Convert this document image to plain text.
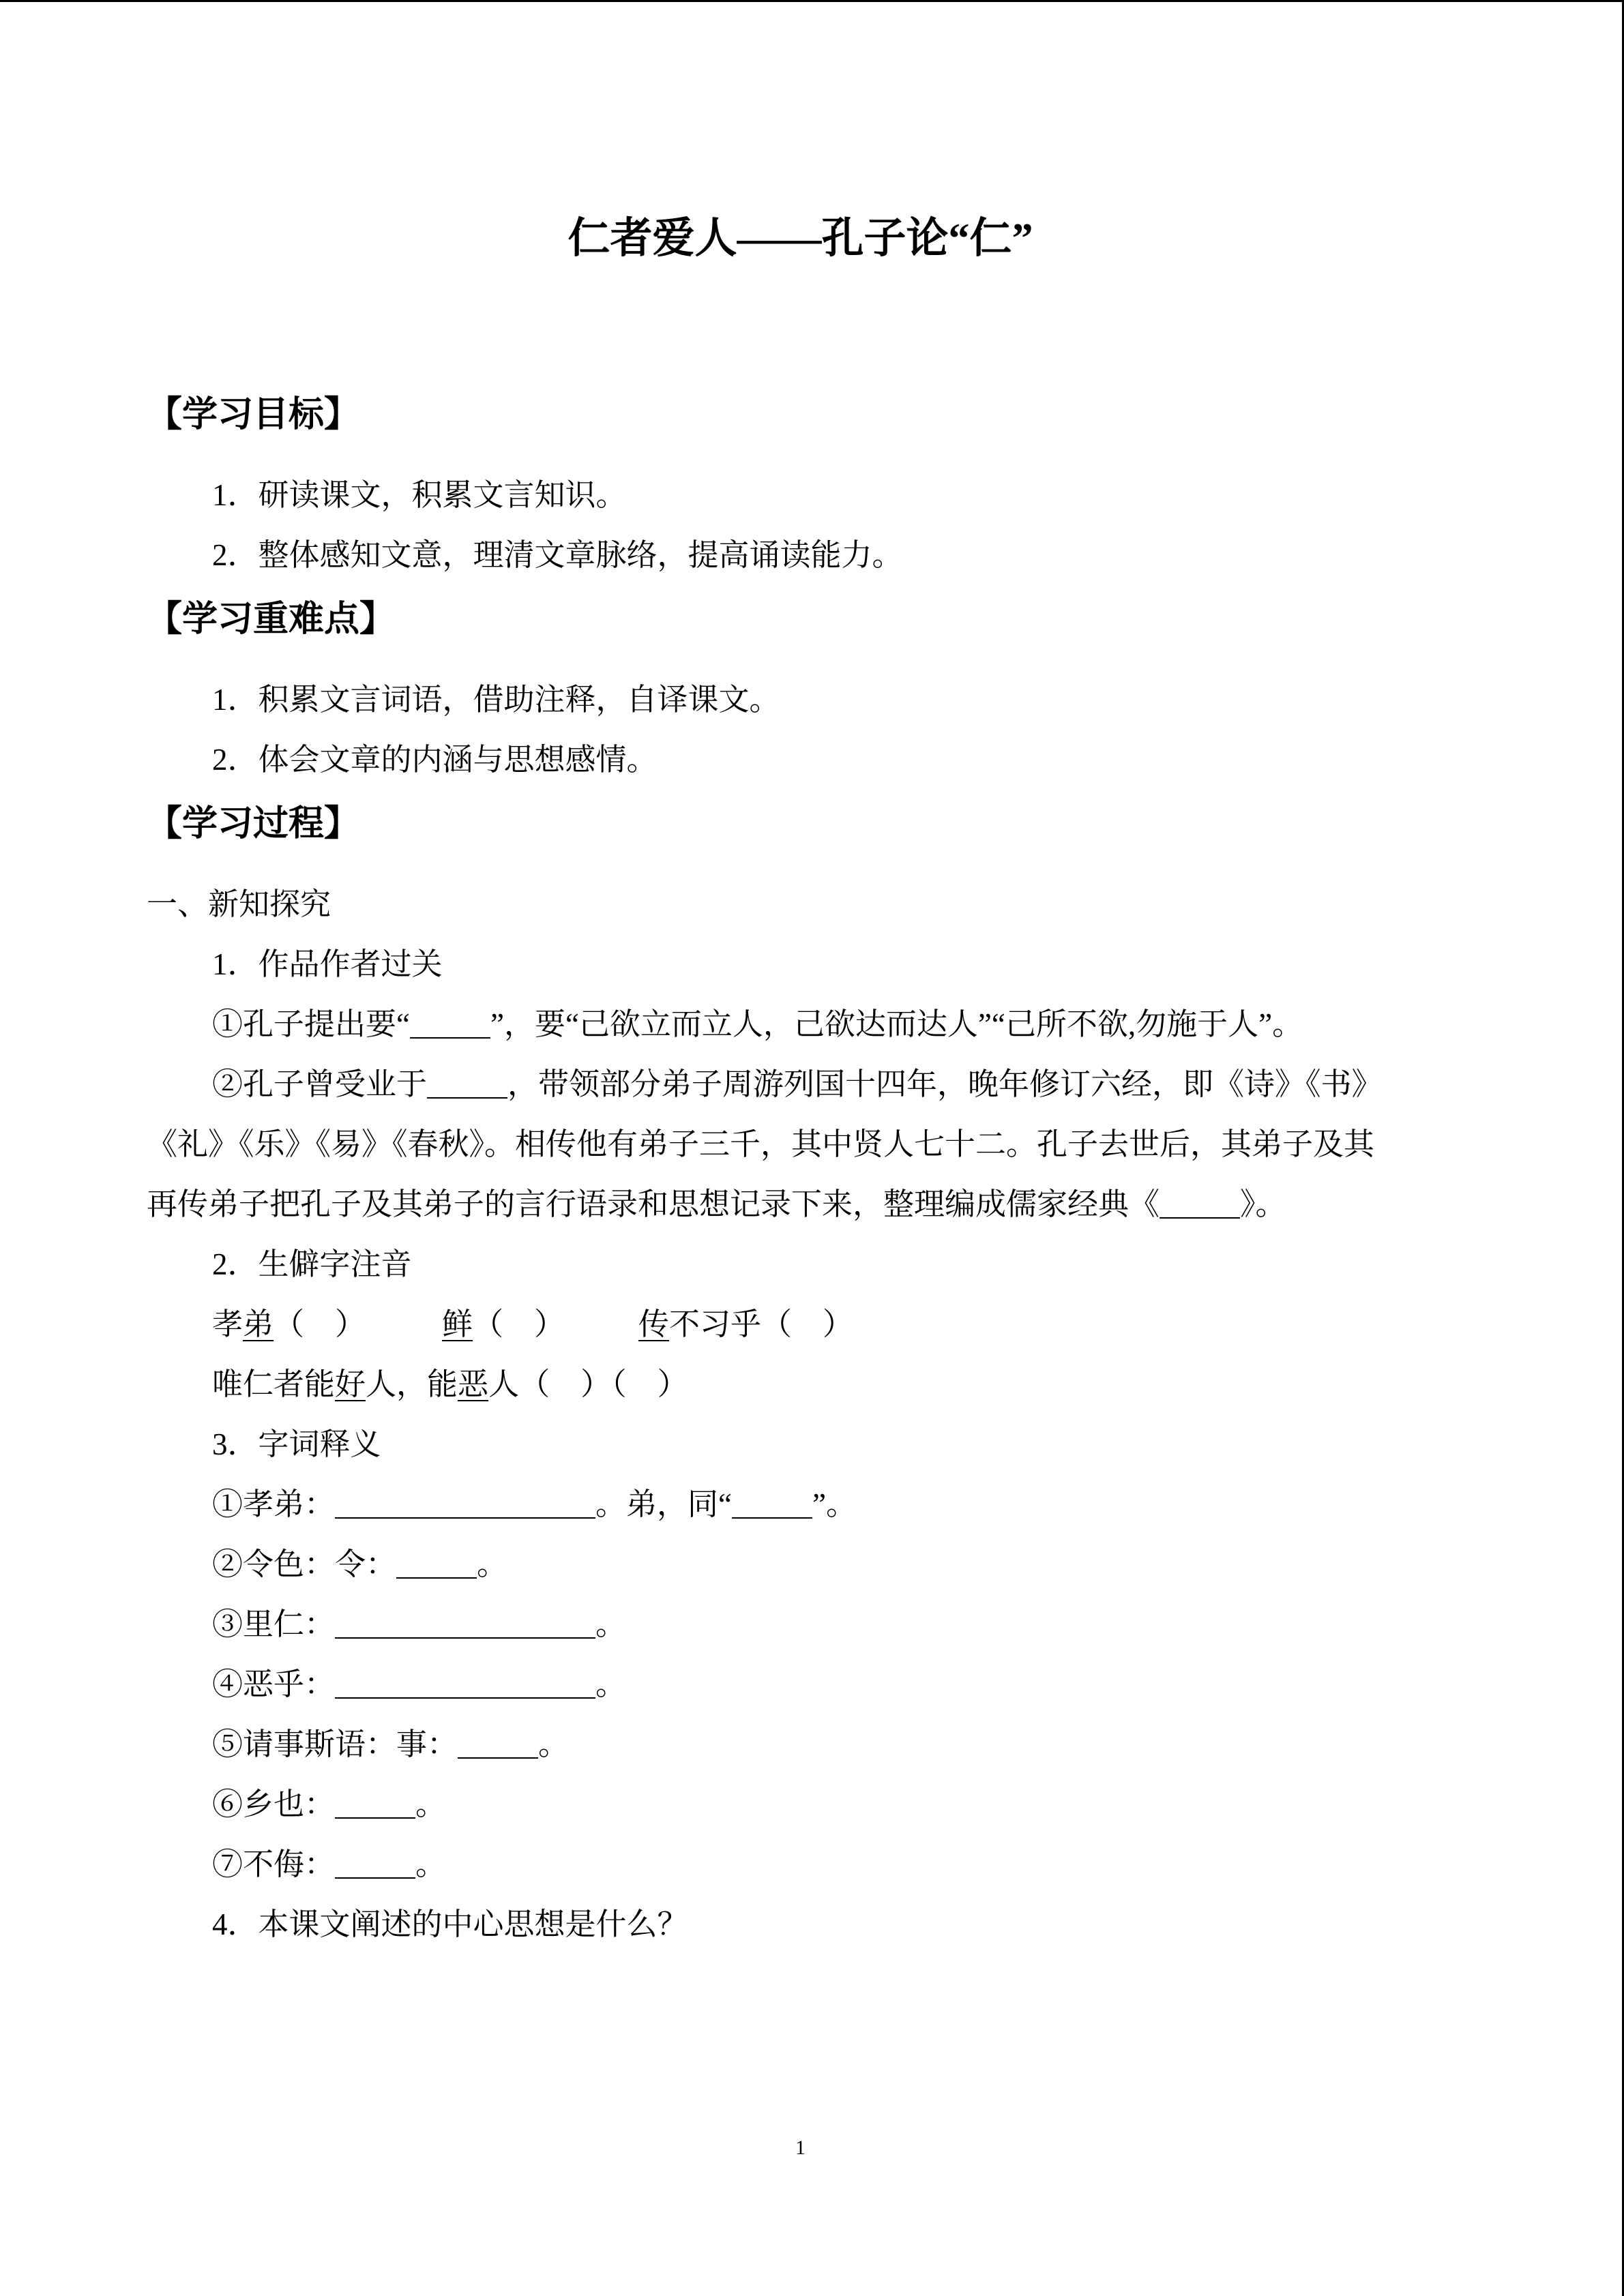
仁者爱人——孔子论“仁”
【学习目标】
1．研读课文，积累文言知识。
2．整体感知文意，理清文章脉络，提高诵读能力。
【学习重难点】
1．积累文言词语，借助注释，自译课文。
2．体会文章的内涵与思想感情。
【学习过程】
一、新知探究
1．作品作者过关
①孔子提出要“	”，要“己欲立而立人，己欲达而达人”“己所不欲,勿施于人”。
②孔子曾受业于	，带领部分弟子周游列国十四年，晚年修订六经，即《诗》《书》
《礼》《乐》《易》《春秋》。相传他有弟子三千，其中贤人七十二。孔子去世后，其弟子及其
再传弟子把孔子及其弟子的言行语录和思想记录下来，整理编成儒家经典《	》。
2．生僻字注音
孝弟（　） 鲜（　） 传不习乎（　）
唯仁者能好人，能恶人（　）（　）
3．字词释义
①孝弟：	。弟，同“	”。
②令色：令：	。
③里仁：	。
④恶乎：	。
⑤请事斯语：事：	。
⑥乡也：	。
⑦不侮：	。
4．本课文阐述的中心思想是什么？
1
